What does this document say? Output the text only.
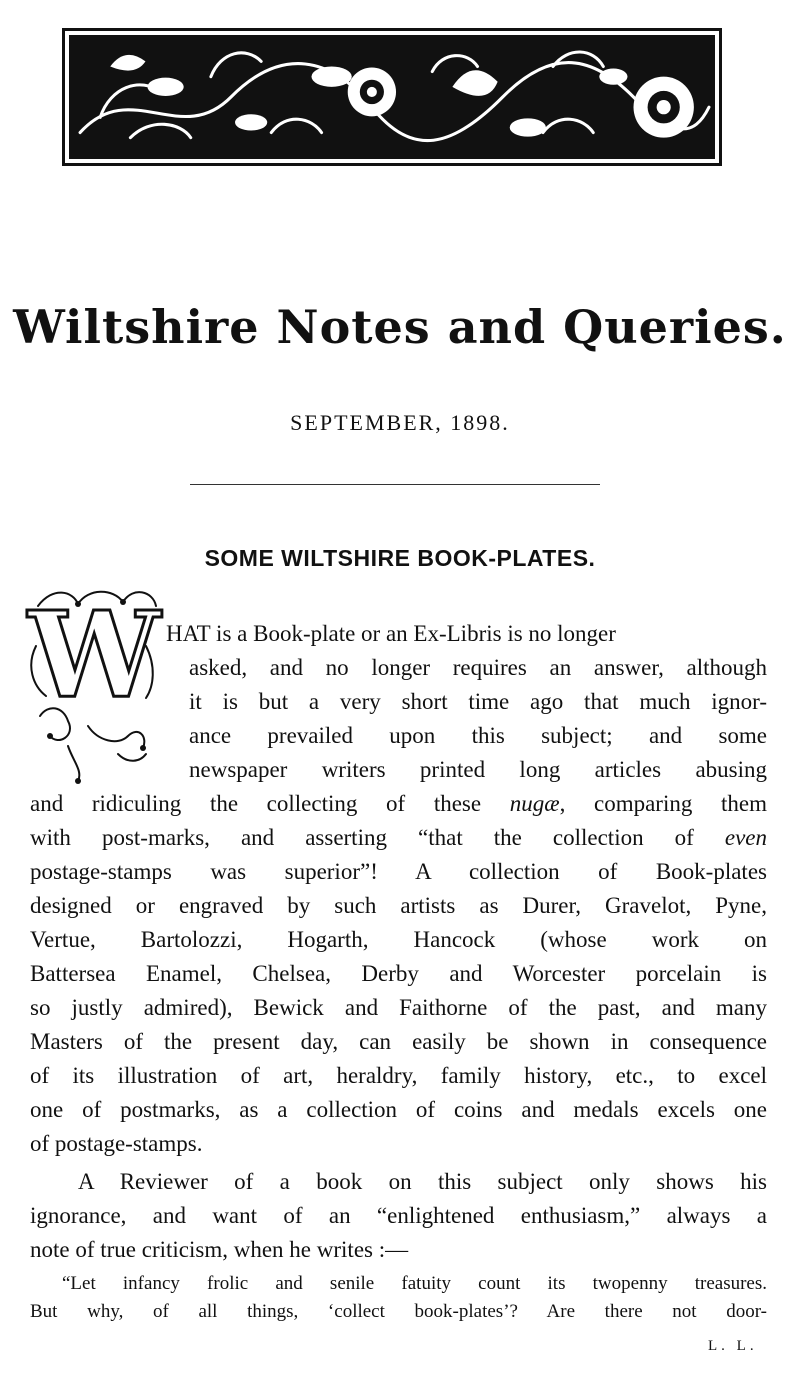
Wiltshire Notes and Queries.
SEPTEMBER, 1898.
SOME WILTSHIRE BOOK-PLATES.
W HAT is a Book-plate or an Ex-Libris is no longer
asked, and no longer requires an answer, although
it is but a very short time ago that much ignor-
ance prevailed upon this subject; and some
newspaper writers printed long articles abusing
and ridiculing the collecting of these nugæ, comparing them
with post-marks, and asserting “that the collection of even
postage-stamps was superior”! A collection of Book-plates
designed or engraved by such artists as Durer, Gravelot, Pyne,
Vertue, Bartolozzi, Hogarth, Hancock (whose work on
Battersea Enamel, Chelsea, Derby and Worcester porcelain is
so justly admired), Bewick and Faithorne of the past, and many
Masters of the present day, can easily be shown in consequence
of its illustration of art, heraldry, family history, etc., to excel
one of postmarks, as a collection of coins and medals excels one
of postage-stamps.
A Reviewer of a book on this subject only shows his
ignorance, and want of an “enlightened enthusiasm,” always a
note of true criticism, when he writes :—
“Let infancy frolic and senile fatuity count its twopenny treasures.
But why, of all things, ‘collect book-plates’? Are there not door-
L. L.
